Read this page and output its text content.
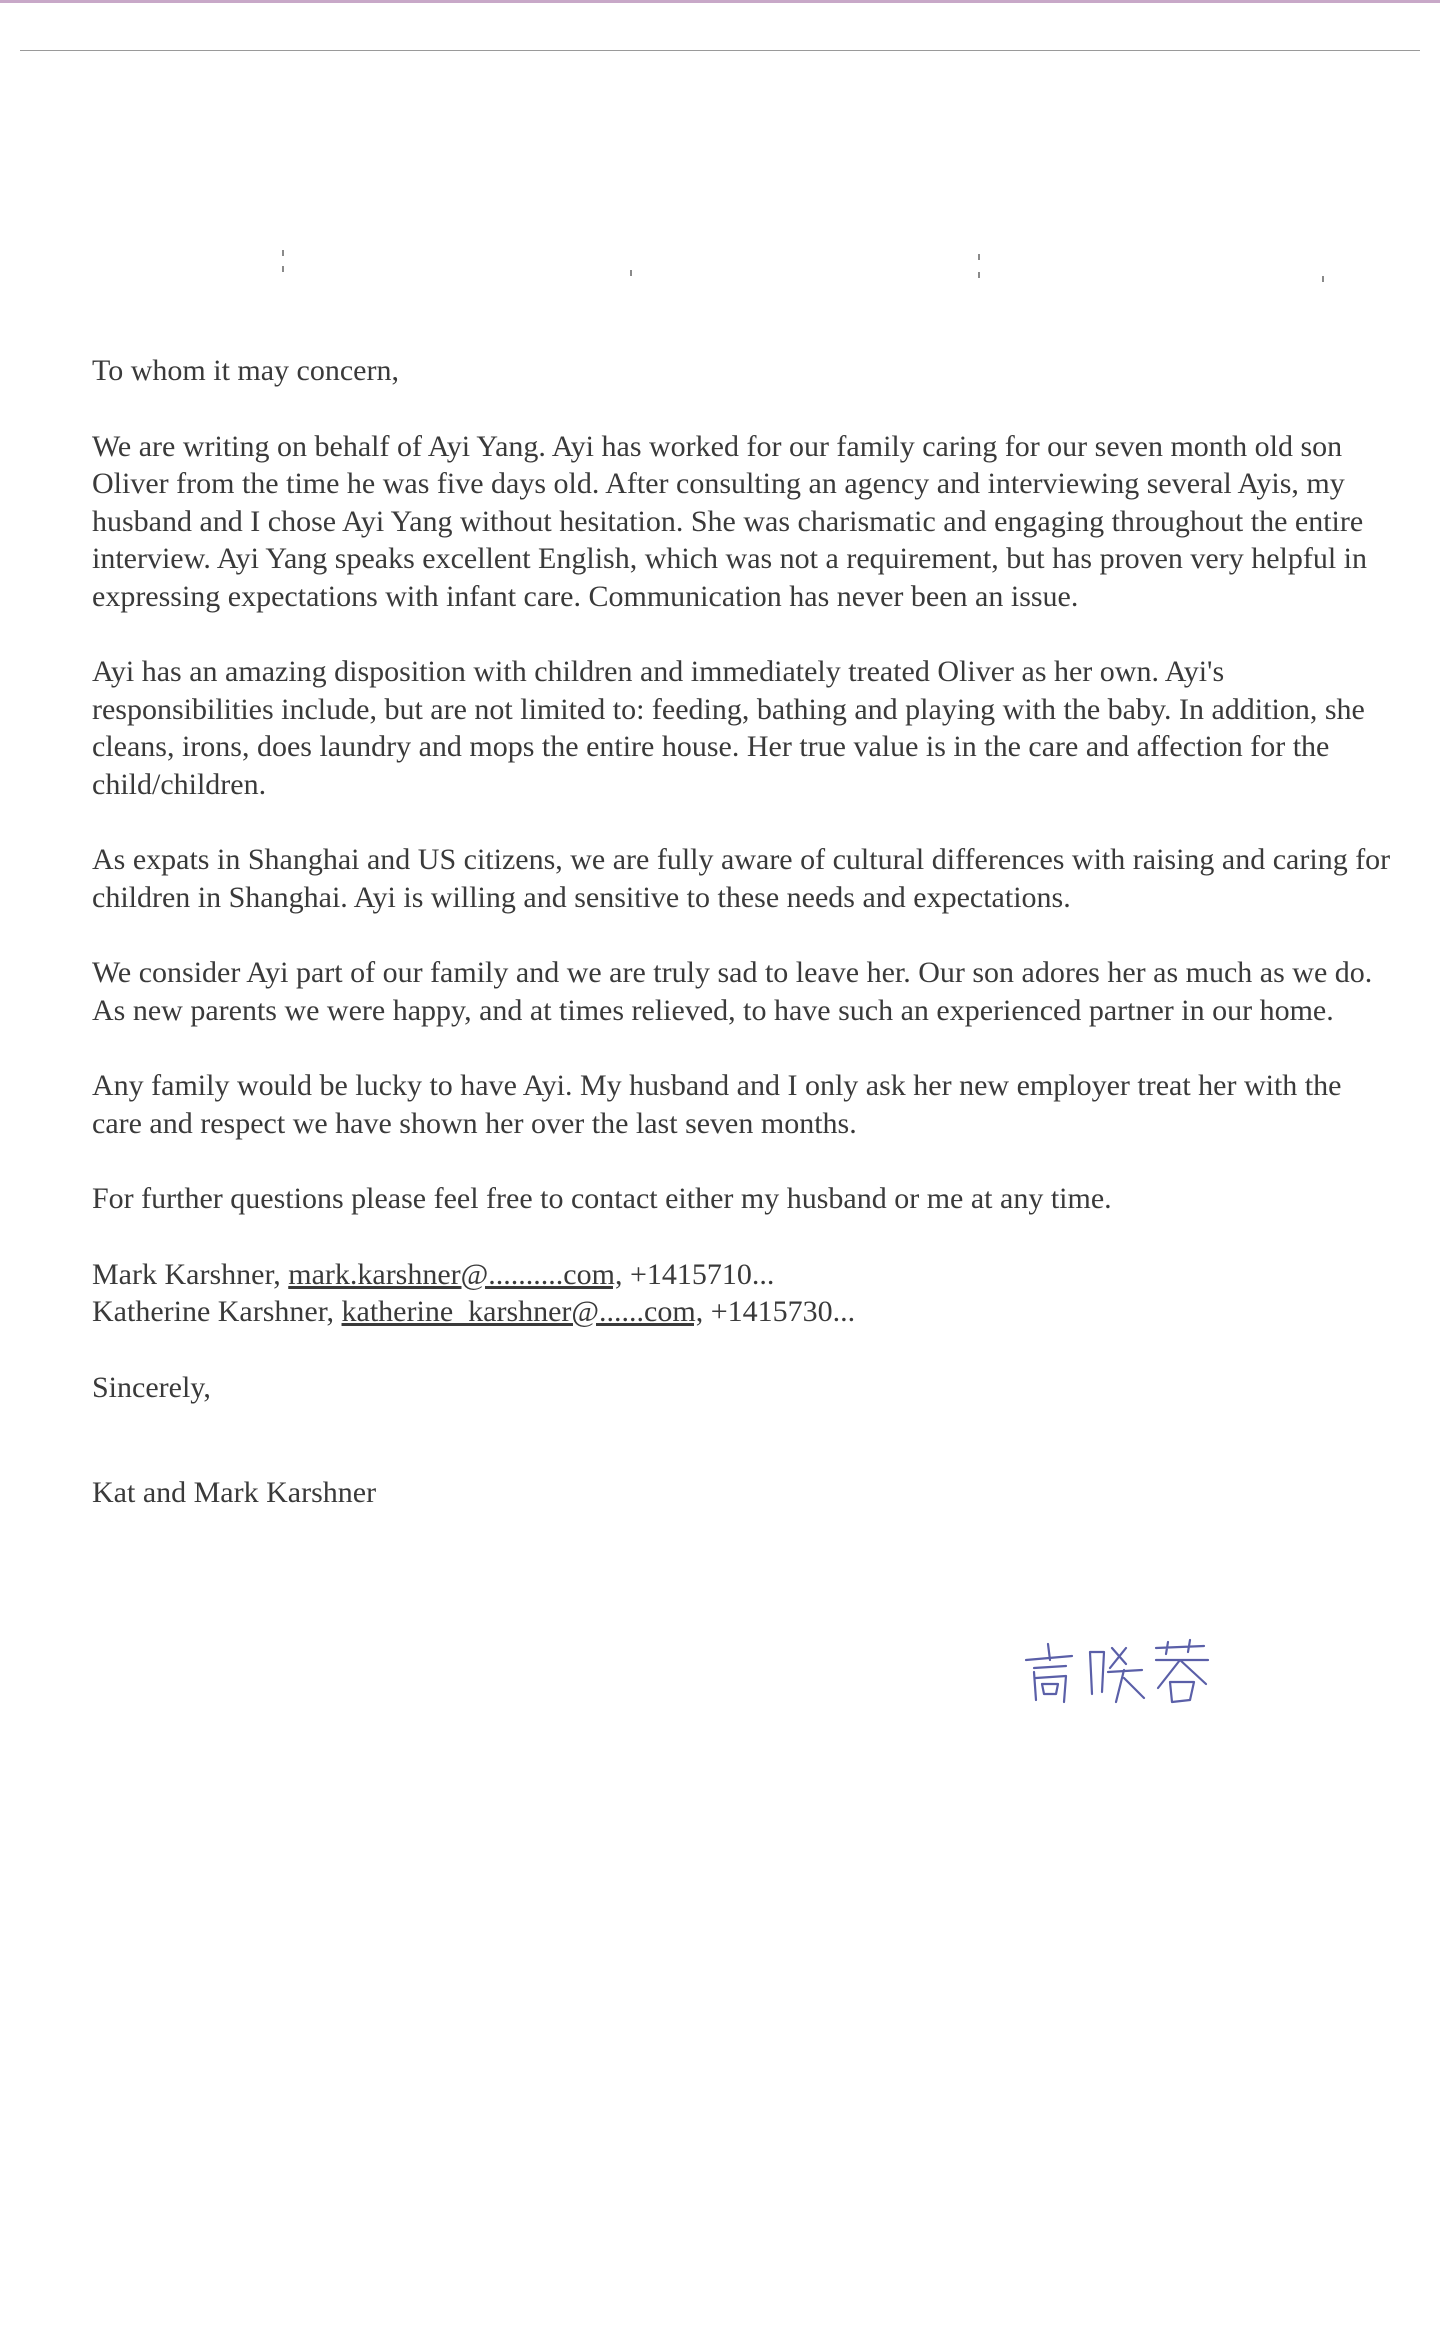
To whom it may concern,

We are writing on behalf of Ayi Yang. Ayi has worked for our family caring for our seven month old son Oliver from the time he was five days old. After consulting an agency and interviewing several Ayis, my husband and I chose Ayi Yang without hesitation. She was charismatic and engaging throughout the entire interview. Ayi Yang speaks excellent English, which was not a requirement, but has proven very helpful in expressing expectations with infant care. Communication has never been an issue.

Ayi has an amazing disposition with children and immediately treated Oliver as her own. Ayi's responsibilities include, but are not limited to: feeding, bathing and playing with the baby. In addition, she cleans, irons, does laundry and mops the entire house. Her true value is in the care and affection for the child/children.

As expats in Shanghai and US citizens, we are fully aware of cultural differences with raising and caring for children in Shanghai. Ayi is willing and sensitive to these needs and expectations.

We consider Ayi part of our family and we are truly sad to leave her. Our son adores her as much as we do. As new parents we were happy, and at times relieved, to have such an experienced partner in our home.

Any family would be lucky to have Ayi. My husband and I only ask her new employer treat her with the care and respect we have shown her over the last seven months.

For further questions please feel free to contact either my husband or me at any time.

Mark Karshner, mark.karshner@..........com, +1415710...
Katherine Karshner, katherine_karshner@......com, +1415730...

Sincerely,

Kat and Mark Karshner
